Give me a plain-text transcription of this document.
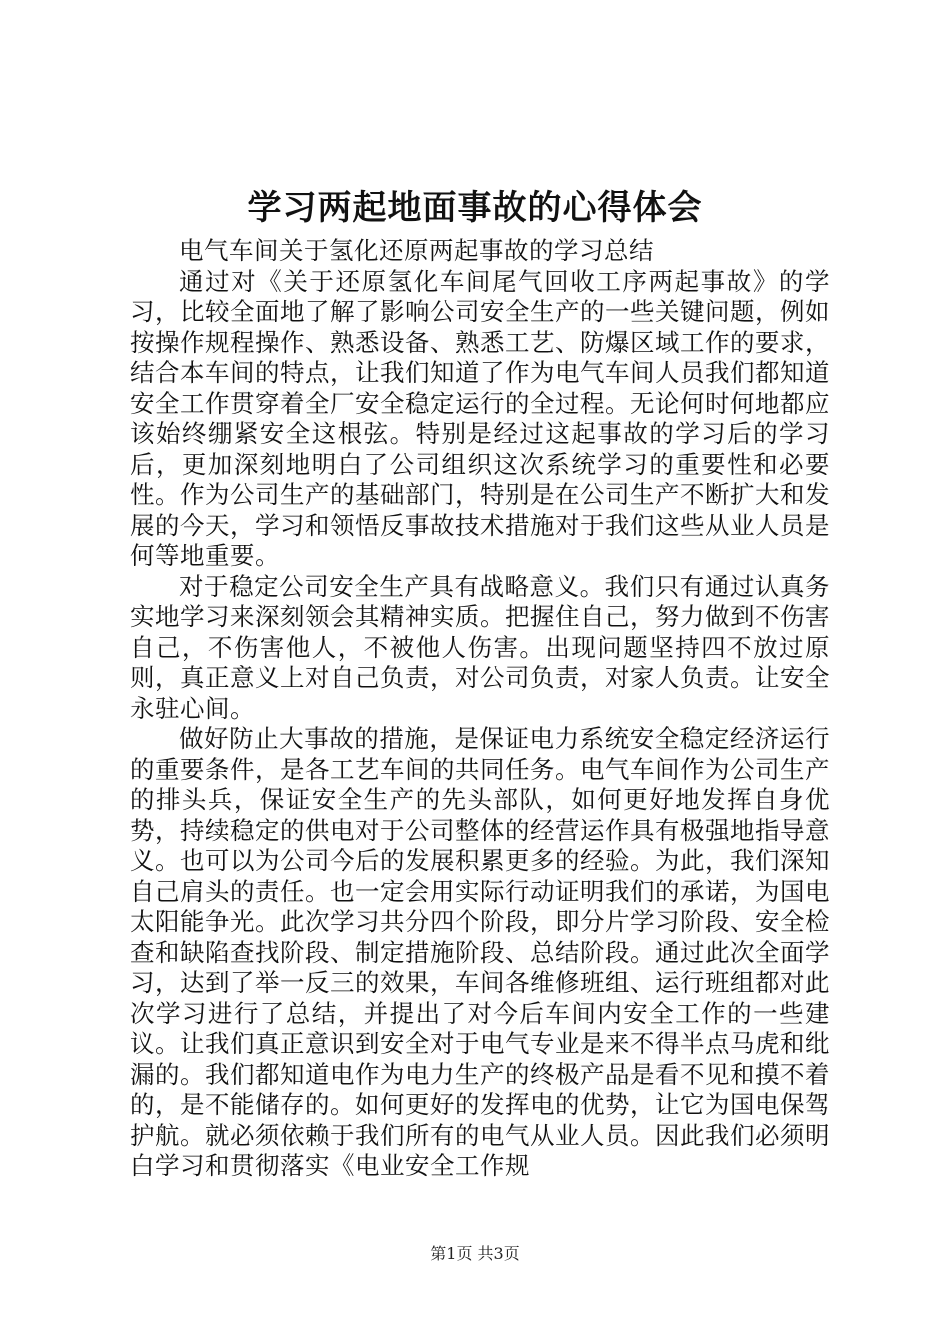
学习两起地面事故的心得体会

电气车间关于氢化还原两起事故的学习总结

通过对《关于还原氢化车间尾气回收工序两起事故》的学习，比较全面地了解了影响公司安全生产的一些关键问题，例如按操作规程操作、熟悉设备、熟悉工艺、防爆区域工作的要求，结合本车间的特点，让我们知道了作为电气车间人员我们都知道安全工作贯穿着全厂安全稳定运行的全过程。无论何时何地都应该始终绷紧安全这根弦。特别是经过这起事故的学习后的学习后，更加深刻地明白了公司组织这次系统学习的重要性和必要性。作为公司生产的基础部门，特别是在公司生产不断扩大和发展的今天，学习和领悟反事故技术措施对于我们这些从业人员是何等地重要。

对于稳定公司安全生产具有战略意义。我们只有通过认真务实地学习来深刻领会其精神实质。把握住自己，努力做到不伤害自己，不伤害他人，不被他人伤害。出现问题坚持四不放过原则，真正意义上对自己负责，对公司负责，对家人负责。让安全永驻心间。

做好防止大事故的措施，是保证电力系统安全稳定经济运行的重要条件，是各工艺车间的共同任务。电气车间作为公司生产的排头兵，保证安全生产的先头部队，如何更好地发挥自身优势，持续稳定的供电对于公司整体的经营运作具有极强地指导意义。也可以为公司今后的发展积累更多的经验。为此，我们深知自己肩头的责任。也一定会用实际行动证明我们的承诺，为国电太阳能争光。此次学习共分四个阶段，即分片学习阶段、安全检查和缺陷查找阶段、制定措施阶段、总结阶段。通过此次全面学习，达到了举一反三的效果，车间各维修班组、运行班组都对此次学习进行了总结，并提出了对今后车间内安全工作的一些建议。让我们真正意识到安全对于电气专业是来不得半点马虎和纰漏的。我们都知道电作为电力生产的终极产品是看不见和摸不着的，是不能储存的。如何更好的发挥电的优势，让它为国电保驾护航。就必须依赖于我们所有的电气从业人员。因此我们必须明白学习和贯彻落实《电业安全工作规

第1页 共3页
